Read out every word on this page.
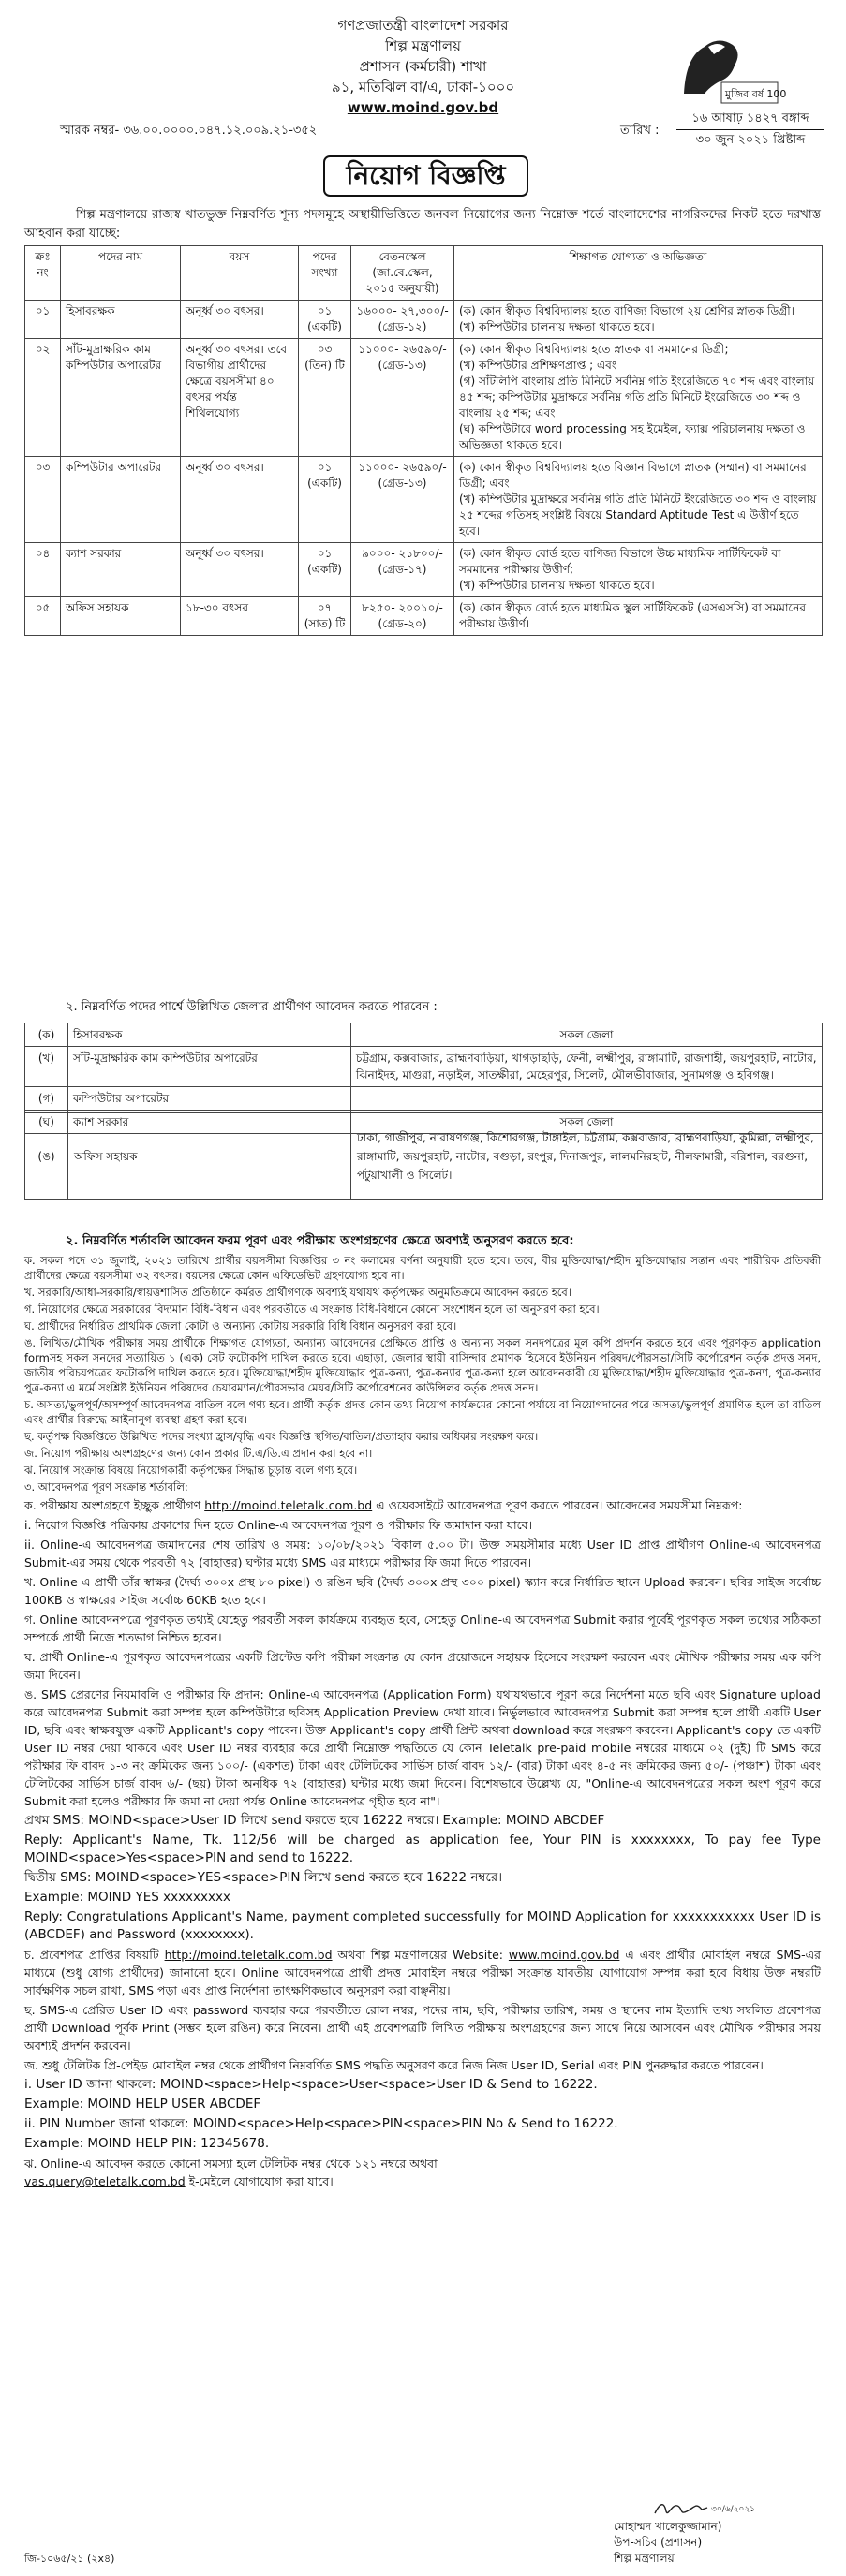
গণপ্রজাতন্ত্রী বাংলাদেশ সরকার
শিল্প মন্ত্রণালয়
প্রশাসন (কর্মচারী) শাখা
৯১, মতিঝিল বা/এ, ঢাকা-১০০০
www.moind.gov.bd
মুজিব বর্ষ 100
স্মারক নম্বর- ৩৬.০০.০০০০.০৪৭.১২.০০৯.২১-৩৫২	তারিখ :
১৬ আষাঢ় ১৪২৭ বঙ্গাব্দ
৩০ জুন ২০২১ খ্রিষ্টাব্দ
নিয়োগ বিজ্ঞপ্তি
শিল্প মন্ত্রণালয়ে রাজস্ব খাতভুক্ত নিম্নবর্ণিত শূন্য পদসমূহে অস্থায়ীভিত্তিতে জনবল নিয়োগের জন্য নিম্নোক্ত শর্তে বাংলাদেশের নাগরিকদের নিকট হতে দরখাস্ত আহবান করা যাচ্ছে:
ক্রঃ নং	পদের নাম	বয়স	পদের সংখ্যা	বেতনস্কেল (জা.বে.স্কেল, ২০১৫ অনুযায়ী)	শিক্ষাগত যোগ্যতা ও অভিজ্ঞতা
০১	হিসাবরক্ষক	অনূর্ধ্ব ৩০ বৎসর।	০১ (একটি)	১৬০০০- ২৭,৩০০/- (গ্রেড-১২)	(ক) কোন স্বীকৃত বিশ্ববিদ্যালয় হতে বাণিজ্য বিভাগে ২য় শ্রেণির স্নাতক ডিগ্রী।
(খ) কম্পিউটার চালনায় দক্ষতা থাকতে হবে।
০২	সাঁট-মুদ্রাক্ষরিক কাম কম্পিউটার অপারেটর	অনূর্ধ্ব ৩০ বৎসর। তবে বিভাগীয় প্রার্থীদের ক্ষেত্রে বয়সসীমা ৪০ বৎসর পর্যন্ত শিথিলযোগ্য	০৩ (তিন) টি	১১০০০- ২৬৫৯০/- (গ্রেড-১৩)	(ক) কোন স্বীকৃত বিশ্ববিদ্যালয় হতে স্নাতক বা সমমানের ডিগ্রী;
(খ) কম্পিউটার প্রশিক্ষণপ্রাপ্ত ; এবং
(গ) সাঁটলিপি বাংলায় প্রতি মিনিটে সর্বনিম্ন গতি ইংরেজিতে ৭০ শব্দ এবং বাংলায় ৪৫ শব্দ; কম্পিউটার মুদ্রাক্ষরে সর্বনিম্ন গতি প্রতি মিনিটে ইংরেজিতে ৩০ শব্দ ও বাংলায় ২৫ শব্দ; এবং
(ঘ) কম্পিউটারে word processing সহ ইমেইল, ফ্যাক্স পরিচালনায় দক্ষতা ও অভিজ্ঞতা থাকতে হবে।
০৩	কম্পিউটার অপারেটর	অনূর্ধ্ব ৩০ বৎসর।	০১ (একটি)	১১০০০- ২৬৫৯০/- (গ্রেড-১৩)	(ক) কোন স্বীকৃত বিশ্ববিদ্যালয় হতে বিজ্ঞান বিভাগে স্নাতক (সম্মান) বা সমমানের ডিগ্রী; এবং
(খ) কম্পিউটার মুদ্রাক্ষরে সর্বনিম্ন গতি প্রতি মিনিটে ইংরেজিতে ৩০ শব্দ ও বাংলায় ২৫ শব্দের গতিসহ সংশ্লিষ্ট বিষয়ে Standard Aptitude Test এ উত্তীর্ণ হতে হবে।
০৪	ক্যাশ সরকার	অনূর্ধ্ব ৩০ বৎসর।	০১ (একটি)	৯০০০- ২১৮০০/- (গ্রেড-১৭)	(ক) কোন স্বীকৃত বোর্ড হতে বাণিজ্য বিভাগে উচ্চ মাধ্যমিক সার্টিফিকেট বা সমমানের পরীক্ষায় উত্তীর্ণ;
(খ) কম্পিউটার চালনায় দক্ষতা থাকতে হবে।
০৫	অফিস সহায়ক	১৮-৩০ বৎসর	০৭ (সাত) টি	৮২৫০- ২০০১০/- (গ্রেড-২০)	(ক) কোন স্বীকৃত বোর্ড হতে মাধ্যমিক স্কুল সার্টিফিকেট (এসএসসি) বা সমমানের পরীক্ষায় উত্তীর্ণ।
২. নিম্নবর্ণিত পদের পার্শ্বে উল্লিখিত জেলার প্রার্থীগণ আবেদন করতে পারবেন :
(ক)	হিসাবরক্ষক	সকল জেলা
(খ)	সাঁট-মুদ্রাক্ষরিক কাম কম্পিউটার অপারেটর	চট্টগ্রাম, কক্সবাজার, ব্রাহ্মণবাড়িয়া, খাগড়াছড়ি, ফেনী, লক্ষ্মীপুর, রাঙ্গামাটি, রাজশাহী, জয়পুরহাট, নাটোর, ঝিনাইদহ, মাগুরা, নড়াইল, সাতক্ষীরা, মেহেরপুর, সিলেট, মৌলভীবাজার, সুনামগঞ্জ ও হবিগঞ্জ।
(গ)	কম্পিউটার অপারেটর	
(ঘ)	ক্যাশ সরকার	সকল জেলা
(ঙ)	অফিস সহায়ক	ঢাকা, গাজীপুর, নারায়ণগঞ্জ, কিশোরগঞ্জ, টাঙ্গাইল, চট্টগ্রাম, কক্সবাজার, ব্রাহ্মণবাড়িয়া, কুমিল্লা, লক্ষ্মীপুর, রাঙ্গামাটি, জয়পুরহাট, নাটোর, বগুড়া, রংপুর, দিনাজপুর, লালমনিরহাট, নীলফামারী, বরিশাল, বরগুনা, পটুয়াখালী ও সিলেট।
২. নিম্নবর্ণিত শর্তাবলি আবেদন ফরম পূরণ এবং পরীক্ষায় অংশগ্রহণের ক্ষেত্রে অবশ্যই অনুসরণ করতে হবে:
ক. সকল পদে ৩১ জুলাই, ২০২১ তারিখে প্রার্থীর বয়সসীমা বিজ্ঞপ্তির ৩ নং কলামের বর্ণনা অনুযায়ী হতে হবে। তবে, বীর মুক্তিযোদ্ধা/শহীদ মুক্তিযোদ্ধার সন্তান এবং শারীরিক প্রতিবন্ধী প্রার্থীদের ক্ষেত্রে বয়সসীমা ৩২ বৎসর। বয়সের ক্ষেত্রে কোন এফিডেভিট গ্রহণযোগ্য হবে না।
খ. সরকারি/আধা-সরকারি/স্বায়ত্তশাসিত প্রতিষ্ঠানে কর্মরত প্রার্থীগণকে অবশ্যই যথাযথ কর্তৃপক্ষের অনুমতিক্রমে আবেদন করতে হবে।
গ. নিয়োগের ক্ষেত্রে সরকারের বিদ্যমান বিধি-বিধান এবং পরবর্তীতে এ সংক্রান্ত বিধি-বিধানে কোনো সংশোধন হলে তা অনুসরণ করা হবে।
ঘ. প্রার্থীদের নির্ধারিত প্রাথমিক জেলা কোটা ও অন্যান্য কোটায় সরকারি বিধি বিধান অনুসরণ করা হবে।
ঙ. লিখিত/মৌখিক পরীক্ষায় সময় প্রার্থীকে শিক্ষাগত যোগ্যতা, অন্যান্য আবেদনের প্রেক্ষিতে প্রাপ্তি ও অন্যান্য সকল সনদপত্রের মূল কপি প্রদর্শন করতে হবে এবং পূরণকৃত application formসহ সকল সনদের সত্যায়িত ১ (এক) সেট ফটোকপি দাখিল করতে হবে। এছাড়া, জেলার স্থায়ী বাসিন্দার প্রমাণক হিসেবে ইউনিয়ন পরিষদ/পৌরসভা/সিটি কর্পোরেশন কর্তৃক প্রদত্ত সনদ, জাতীয় পরিচয়পত্রের ফটোকপি দাখিল করতে হবে। মুক্তিযোদ্ধা/শহীদ মুক্তিযোদ্ধার পুত্র-কন্যা, পুত্র-কন্যার পুত্র-কন্যা হলে আবেদনকারী যে মুক্তিযোদ্ধা/শহীদ মুক্তিযোদ্ধার পুত্র-কন্যা, পুত্র-কন্যার পুত্র-কন্যা এ মর্মে সংশ্লিষ্ট ইউনিয়ন পরিষদের চেয়ারম্যান/পৌরসভার মেয়র/সিটি কর্পোরেশনের কাউন্সিলর কর্তৃক প্রদত্ত সনদ।
চ. অসত্য/ভুলপূর্ণ/অসম্পূর্ণ আবেদনপত্র বাতিল বলে গণ্য হবে। প্রার্থী কর্তৃক প্রদত্ত কোন তথ্য নিয়োগ কার্যক্রমের কোনো পর্যায়ে বা নিয়োগদানের পরে অসত্য/ভুলপূর্ণ প্রমাণিত হলে তা বাতিল এবং প্রার্থীর বিরুদ্ধে আইনানুগ ব্যবস্থা গ্রহণ করা হবে।
ছ. কর্তৃপক্ষ বিজ্ঞপ্তিতে উল্লিখিত পদের সংখ্যা হ্রাস/বৃদ্ধি এবং বিজ্ঞপ্তি স্থগিত/বাতিল/প্রত্যাহার করার অধিকার সংরক্ষণ করে।
জ. নিয়োগ পরীক্ষায় অংশগ্রহণের জন্য কোন প্রকার টি.এ/ডি.এ প্রদান করা হবে না।
ঝ. নিয়োগ সংক্রান্ত বিষয়ে নিয়োগকারী কর্তৃপক্ষের সিদ্ধান্ত চূড়ান্ত বলে গণ্য হবে।
৩. আবেদনপত্র পূরণ সংক্রান্ত শর্তাবলি:
ক. পরীক্ষায় অংশগ্রহণে ইচ্ছুক প্রার্থীগণ http://moind.teletalk.com.bd এ ওয়েবসাইটে আবেদনপত্র পূরণ করতে পারবেন। আবেদনের সময়সীমা নিম্নরূপ:
i. নিয়োগ বিজ্ঞপ্তি পত্রিকায় প্রকাশের দিন হতে Online-এ আবেদনপত্র পূরণ ও পরীক্ষার ফি জমাদান করা যাবে।
ii. Online-এ আবেদনপত্র জমাদানের শেষ তারিখ ও সময়: ১০/০৮/২০২১ বিকাল ৫.০০ টা। উক্ত সময়সীমার মধ্যে User ID প্রাপ্ত প্রার্থীগণ Online-এ আবেদনপত্র Submit-এর সময় থেকে পরবর্তী ৭২ (বাহাত্তর) ঘণ্টার মধ্যে SMS এর মাধ্যমে পরীক্ষার ফি জমা দিতে পারবেন।
খ. Online এ প্রার্থী তাঁর স্বাক্ষর (দৈর্ঘ্য ৩০০x প্রস্থ ৮০ pixel) ও রঙিন ছবি (দৈর্ঘ্য ৩০০x প্রস্থ ৩০০ pixel) স্ক্যান করে নির্ধারিত স্থানে Upload করবেন। ছবির সাইজ সর্বোচ্চ 100KB ও স্বাক্ষরের সাইজ সর্বোচ্চ 60KB হতে হবে।
গ. Online আবেদনপত্রে পূরণকৃত তথ্যই যেহেতু পরবর্তী সকল কার্যক্রমে ব্যবহৃত হবে, সেহেতু Online-এ আবেদনপত্র Submit করার পূর্বেই পূরণকৃত সকল তথ্যের সঠিকতা সম্পর্কে প্রার্থী নিজে শতভাগ নিশ্চিত হবেন।
ঘ. প্রার্থী Online-এ পূরণকৃত আবেদনপত্রের একটি প্রিন্টেড কপি পরীক্ষা সংক্রান্ত যে কোন প্রয়োজনে সহায়ক হিসেবে সংরক্ষণ করবেন এবং মৌখিক পরীক্ষার সময় এক কপি জমা দিবেন।
ঙ. SMS প্রেরণের নিয়মাবলি ও পরীক্ষার ফি প্রদান: Online-এ আবেদনপত্র (Application Form) যথাযথভাবে পূরণ করে নির্দেশনা মতে ছবি এবং Signature upload করে আবেদনপত্র Submit করা সম্পন্ন হলে কম্পিউটারে ছবিসহ Application Preview দেখা যাবে। নির্ভুলভাবে আবেদনপত্র Submit করা সম্পন্ন হলে প্রার্থী একটি User ID, ছবি এবং স্বাক্ষরযুক্ত একটি Applicant's copy পাবেন। উক্ত Applicant's copy প্রার্থী প্রিন্ট অথবা download করে সংরক্ষণ করবেন। Applicant's copy তে একটি User ID নম্বর দেয়া থাকবে এবং User ID নম্বর ব্যবহার করে প্রার্থী নিম্নোক্ত পদ্ধতিতে যে কোন Teletalk pre-paid mobile নম্বরের মাধ্যমে ০২ (দুই) টি SMS করে পরীক্ষার ফি বাবদ ১-৩ নং ক্রমিকের জন্য ১০০/- (একশত) টাকা এবং টেলিটকের সার্ভিস চার্জ বাবদ ১২/- (বার) টাকা এবং ৪-৫ নং ক্রমিকের জন্য ৫০/- (পঞ্চাশ) টাকা এবং টেলিটকের সার্ভিস চার্জ বাবদ ৬/- (ছয়) টাকা অনধিক ৭২ (বাহাত্তর) ঘন্টার মধ্যে জমা দিবেন। বিশেষভাবে উল্লেখ্য যে, "Online-এ আবেদনপত্রের সকল অংশ পূরণ করে Submit করা হলেও পরীক্ষার ফি জমা না দেয়া পর্যন্ত Online আবেদনপত্র গৃহীত হবে না"।
প্রথম SMS: MOIND<space>User ID লিখে send করতে হবে 16222 নম্বরে। Example: MOIND ABCDEF
Reply: Applicant's Name, Tk. 112/56 will be charged as application fee, Your PIN is xxxxxxxx, To pay fee Type MOIND<space>Yes<space>PIN and send to 16222.
দ্বিতীয় SMS: MOIND<space>YES<space>PIN লিখে send করতে হবে 16222 নম্বরে।
Example: MOIND YES xxxxxxxxx
Reply: Congratulations Applicant's Name, payment completed successfully for MOIND Application for xxxxxxxxxxx User ID is (ABCDEF) and Password (xxxxxxxx).
চ. প্রবেশপত্র প্রাপ্তির বিষয়টি http://moind.teletalk.com.bd অথবা শিল্প মন্ত্রণালয়ের Website: www.moind.gov.bd এ এবং প্রার্থীর মোবাইল নম্বরে SMS-এর মাধ্যমে (শুধু যোগ্য প্রার্থীদের) জানানো হবে। Online আবেদনপত্রে প্রার্থী প্রদত্ত মোবাইল নম্বরে পরীক্ষা সংক্রান্ত যাবতীয় যোগাযোগ সম্পন্ন করা হবে বিধায় উক্ত নম্বরটি সার্বক্ষণিক সচল রাখা, SMS পড়া এবং প্রাপ্ত নির্দেশনা তাৎক্ষণিকভাবে অনুসরণ করা বাঞ্ছনীয়।
ছ. SMS-এ প্রেরিত User ID এবং password ব্যবহার করে পরবর্তীতে রোল নম্বর, পদের নাম, ছবি, পরীক্ষার তারিখ, সময় ও স্থানের নাম ইত্যাদি তথ্য সম্বলিত প্রবেশপত্র প্রার্থী Download পূর্বক Print (সম্ভব হলে রঙিন) করে নিবেন। প্রার্থী এই প্রবেশপত্রটি লিখিত পরীক্ষায় অংশগ্রহণের জন্য সাথে নিয়ে আসবেন এবং মৌখিক পরীক্ষার সময় অবশ্যই প্রদর্শন করবেন।
জ. শুধু টেলিটক প্রি-পেইড মোবাইল নম্বর থেকে প্রার্থীগণ নিম্নবর্ণিত SMS পদ্ধতি অনুসরণ করে নিজ নিজ User ID, Serial এবং PIN পুনরুদ্ধার করতে পারবেন।
i. User ID জানা থাকলে: MOIND<space>Help<space>User<space>User ID & Send to 16222.
Example: MOIND HELP USER ABCDEF
ii. PIN Number জানা থাকলে: MOIND<space>Help<space>PIN<space>PIN No & Send to 16222.
Example: MOIND HELP PIN: 12345678.
ঝ. Online-এ আবেদন করতে কোনো সমস্যা হলে টেলিটক নম্বর থেকে ১২১ নম্বরে অথবা
vas.query@teletalk.com.bd ই-মেইলে যোগাযোগ করা যাবে।
৩০/৬/২০২১
মোহাম্মদ খালেকুজ্জামান)
উপ-সচিব (প্রশাসন)
শিল্প মন্ত্রণালয়
জি-১০৬৫/২১ (২x৪)
